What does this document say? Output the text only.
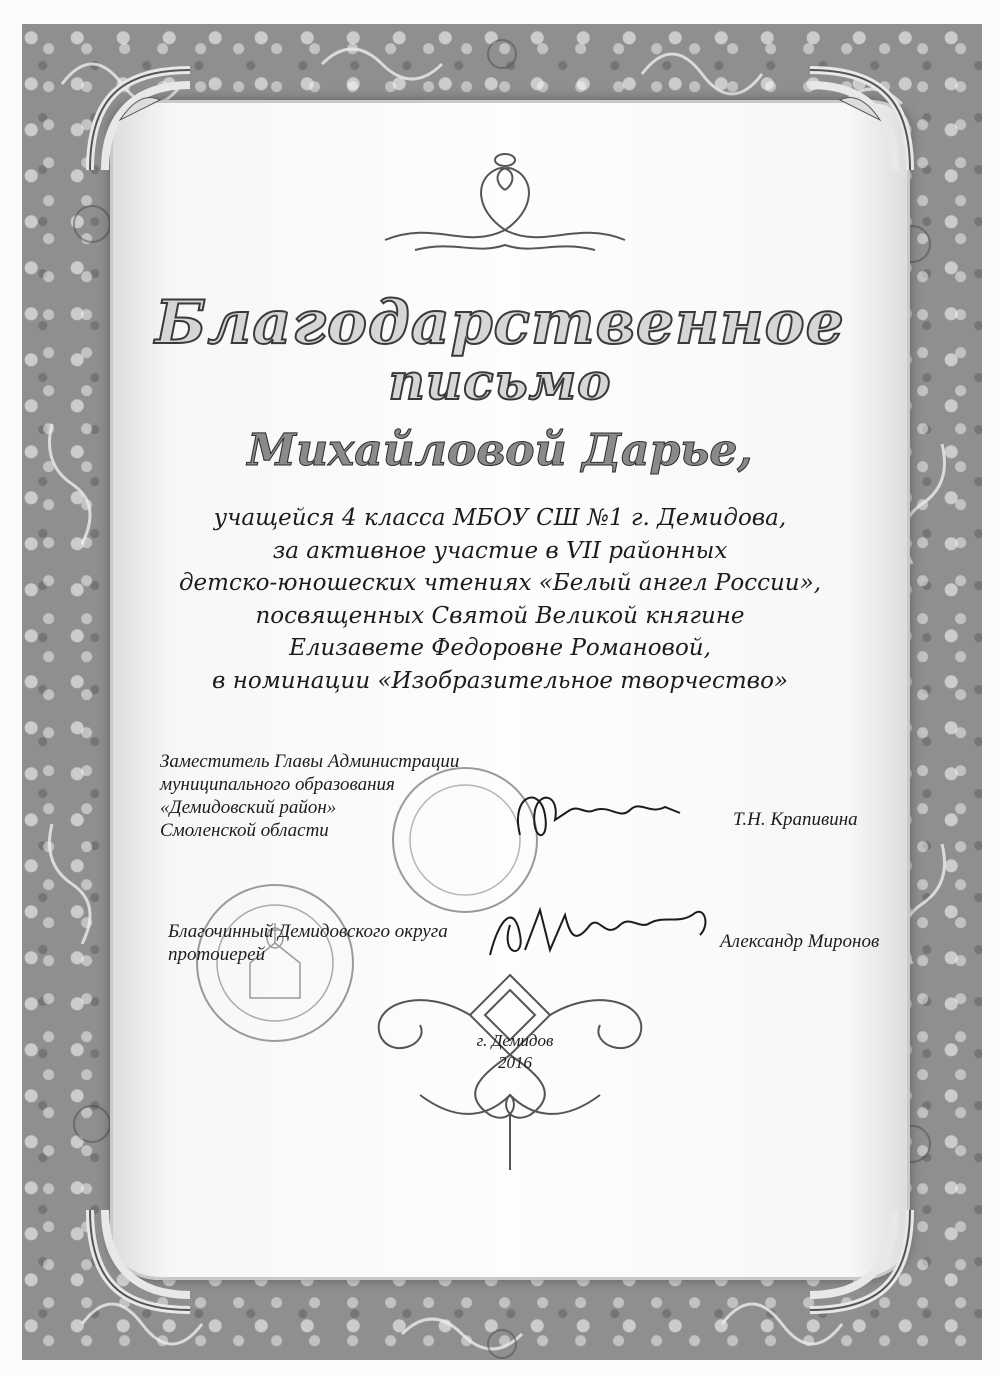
Благодарственное
письмо
Михайловой Дарье,
учащейся 4 класса МБОУ СШ №1 г. Демидова,
за активное участие в VII районных
детско-юношеских чтениях «Белый ангел России»,
посвященных Святой Великой княгине
Елизавете Федоровне Романовой,
в номинации «Изобразительное творчество»
Заместитель Главы Администрации
муниципального образования
«Демидовский район»
Смоленской области
Т.Н. Крапивина
Благочинный Демидовского округа
протоиерей
Александр Миронов
г. Демидов
2016
